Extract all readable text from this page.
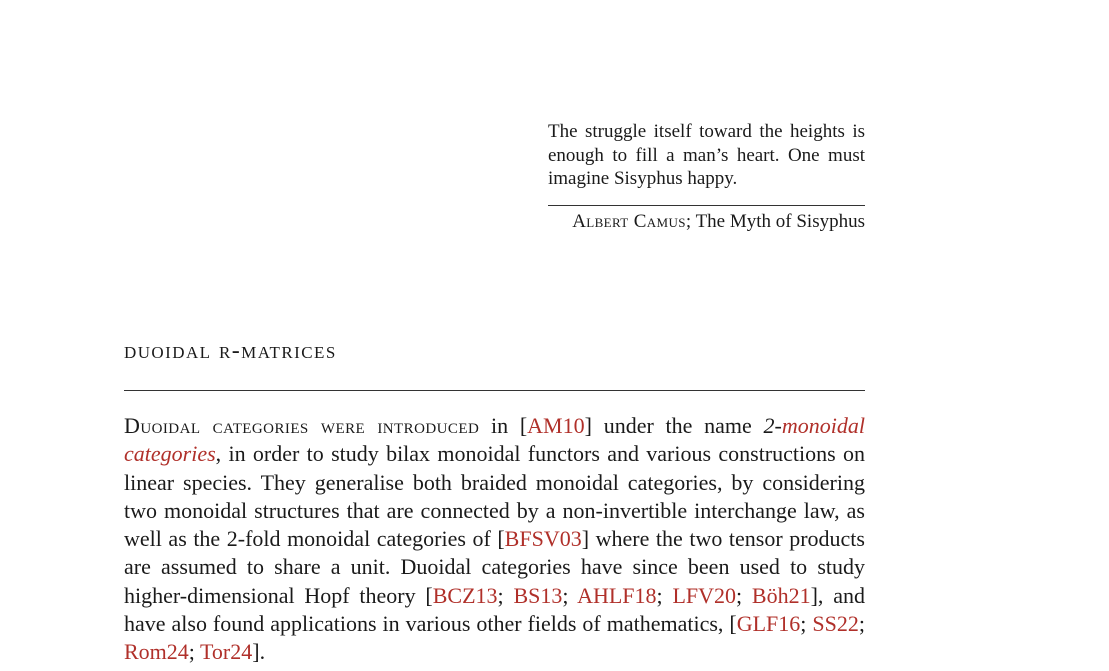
The struggle itself toward the heights is enough to fill a man’s heart. One must imagine Sisyphus happy.

Albert Camus; The Myth of Sisyphus
duoidal r-matrices

Duoidal categories were introduced in [AM10] under the name 2-monoidal categories, in order to study bilax monoidal functors and various constructions on linear species. They generalise both braided monoidal categories, by considering two monoidal structures that are connected by a non-invertible interchange law, as well as the 2-fold monoidal categories of [BFSV03] where the two tensor products are assumed to share a unit. Duoidal categories have since been used to study higher-dimensional Hopf theory [BCZ13; BS13; AHLF18; LFV20; Böh21], and have also found applications in various other fields of mathematics, [GLF16; SS22; Rom24; Tor24].
